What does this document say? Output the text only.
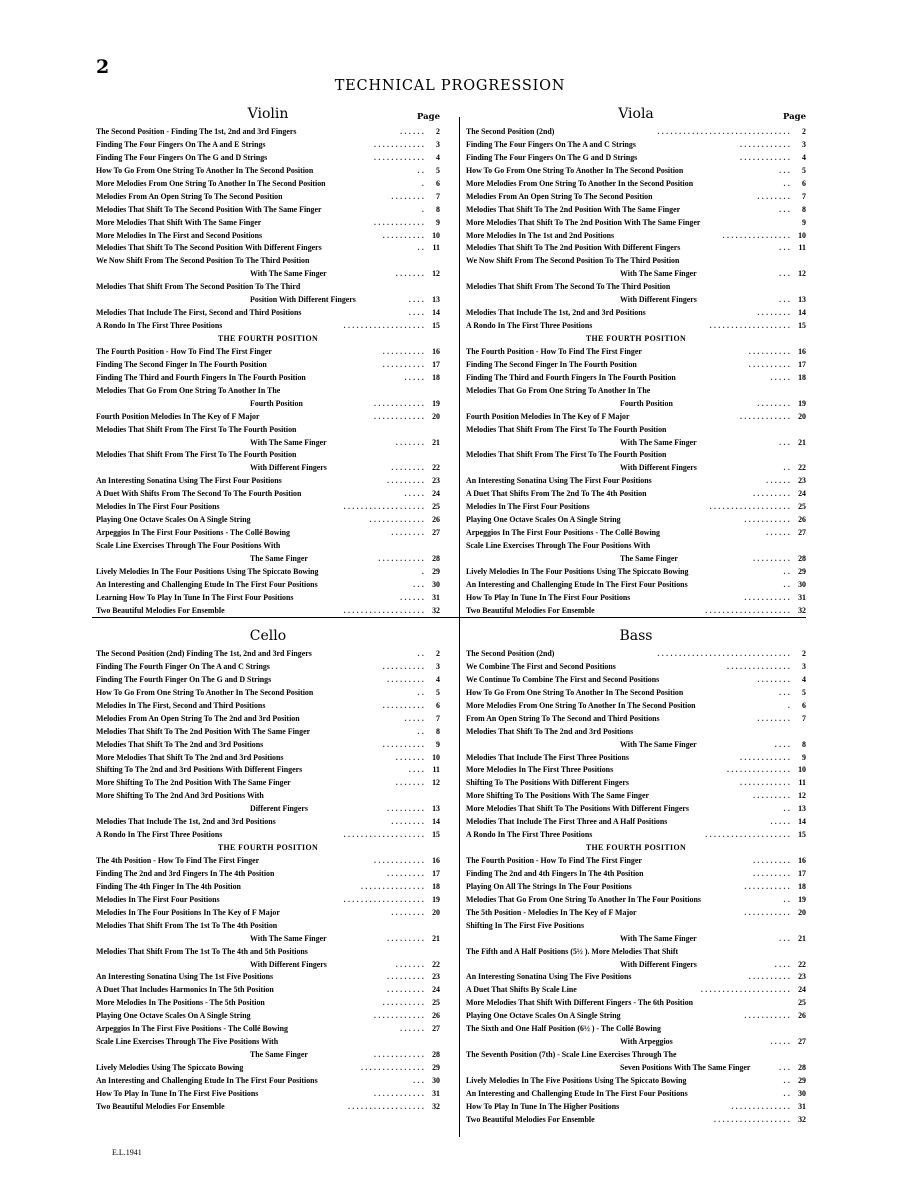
2
TECHNICAL PROGRESSION
Violin	Page
The Second Position - Finding The 1st, 2nd and 3rd Fingers	. . . . . .	2
Finding The Four Fingers On The A and E Strings	. . . . . . . . . . . .	3
Finding The Four Fingers On The G and D Strings	. . . . . . . . . . . .	4
How To Go From One String To Another In The Second Position	. .	5
More Melodies From One String To Another In The Second Position	.	6
Melodies From An Open String To The Second Position	. . . . . . . .	7
Melodies That Shift To The Second Position With The Same Finger	.	8
More Melodies That Shift With The Same Finger	. . . . . . . . . . . .	9
More Melodies In The First and Second Positions	. . . . . . . . . .	10
Melodies That Shift To The Second Position With Different Fingers	. .	11
We Now Shift From The Second Position To The Third Position
With The Same Finger	. . . . . . .	12
Melodies That Shift From The Second Position To The Third
Position With Different Fingers	. . . .	13
Melodies That Include The First, Second and Third Positions	. . . .	14
A Rondo In The First Three Positions	. . . . . . . . . . . . . . . . . . .	15
THE FOURTH POSITION
The Fourth Position - How To Find The First Finger	. . . . . . . . . .	16
Finding The Second Finger In The Fourth Position	. . . . . . . . . .	17
Finding The Third and Fourth Fingers In The Fourth Position	. . . . .	18
Melodies That Go From One String To Another In The
Fourth Position	. . . . . . . . . . . .	19
Fourth Position Melodies In The Key of F Major	. . . . . . . . . . . .	20
Melodies That Shift From The First To The Fourth Position
With The Same Finger	. . . . . . .	21
Melodies That Shift From The First To The Fourth Position
With Different Fingers	. . . . . . . .	22
An Interesting Sonatina Using The First Four Positions	. . . . . . . . .	23
A Duet With Shifts From The Second To The Fourth Position	. . . . .	24
Melodies In The First Four Positions	. . . . . . . . . . . . . . . . . . .	25
Playing One Octave Scales On A Single String	. . . . . . . . . . . . .	26
Arpeggios In The First Four Positions - The Collé Bowing	. . . . . . . .	27
Scale Line Exercises Through The Four Positions With
The Same Finger	. . . . . . . . . . .	28
Lively Melodies In The Four Positions Using The Spiccato Bowing	.	29
An Interesting and Challenging Etude In The First Four Positions	. . .	30
Learning How To Play In Tune In The First Four Positions	. . . . . .	31
Two Beautiful Melodies For Ensemble	. . . . . . . . . . . . . . . . . . .	32
Viola	Page
The Second Position (2nd)	. . . . . . . . . . . . . . . . . . . . . . . . . . . . . . .	2
Finding The Four Fingers On The A and C Strings	. . . . . . . . . . . .	3
Finding The Four Fingers On The G and D Strings	. . . . . . . . . . . .	4
How To Go From One String To Another In The Second Position	. . .	5
More Melodies From One String To Another In the Second Position	. .	6
Melodies From An Open String To The Second Position	. . . . . . . .	7
Melodies That Shift To The 2nd Position With The Same Finger	. . .	8
More Melodies That Shift To The 2nd Position With The Same Finger	9
More Melodies In The 1st and 2nd Positions	. . . . . . . . . . . . . . . .	10
Melodies That Shift To The 2nd Position With Different Fingers	. . .	11
We Now Shift From The Second Position To The Third Position
With The Same Finger	. . .	12
Melodies That Shift From The Second To The Third Position
With Different Fingers	. . .	13
Melodies That Include The 1st, 2nd and 3rd Positions	. . . . . . . .	14
A Rondo In The First Three Positions	. . . . . . . . . . . . . . . . . . .	15
THE FOURTH POSITION
The Fourth Position - How To Find The First Finger	. . . . . . . . . .	16
Finding The Second Finger In The Fourth Position	. . . . . . . . . .	17
Finding The Third and Fourth Fingers In The Fourth Position	. . . . .	18
Melodies That Go From One String To Another In The
Fourth Position	. . . . . . . .	19
Fourth Position Melodies In The Key of F Major	. . . . . . . . . . . .	20
Melodies That Shift From The First To The Fourth Position
With The Same Finger	. . .	21
Melodies That Shift From The First To The Fourth Position
With Different Fingers	. .	22
An Interesting Sonatina Using The First Four Positions	. . . . . .	23
A Duet That Shifts From The 2nd To The 4th Position	. . . . . . . . .	24
Melodies In The First Four Positions	. . . . . . . . . . . . . . . . . . .	25
Playing One Octave Scales On A Single String	. . . . . . . . . . .	26
Arpeggios In The First Four Positions - The Collé Bowing	. . . . . .	27
Scale Line Exercises Through The Four Positions With
The Same Finger	. . . . . . . . .	28
Lively Melodies In The Four Positions Using The Spiccato Bowing	. .	29
An Interesting and Challenging Etude In The First Four Positions	. .	30
How To Play In Tune In The First Four Positions	. . . . . . . . . . .	31
Two Beautiful Melodies For Ensemble	. . . . . . . . . . . . . . . . . . . .	32
Cello
The Second Position (2nd) Finding The 1st, 2nd and 3rd Fingers	. .	2
Finding The Fourth Finger On The A and C Strings	. . . . . . . . . .	3
Finding The Fourth Finger On The G and D Strings	. . . . . . . . .	4
How To Go From One String To Another In The Second Position	. .	5
Melodies In The First, Second and Third Positions	. . . . . . . . . .	6
Melodies From An Open String To The 2nd and 3rd Position	. . . . .	7
Melodies That Shift To The 2nd Position With The Same Finger	. .	8
Melodies That Shift To The 2nd and 3rd Positions	. . . . . . . . . .	9
More Melodies That Shift To The 2nd and 3rd Positions	. . . . . . .	10
Shifting To The 2nd and 3rd Positions With Different Fingers	. . . .	11
More Shifting To The 2nd Position With The Same Finger	. . . . . . .	12
More Shifting To The 2nd And 3rd Positions With
Different Fingers	. . . . . . . . .	13
Melodies That Include The 1st, 2nd and 3rd Positions	. . . . . . . .	14
A Rondo In The First Three Positions	. . . . . . . . . . . . . . . . . . .	15
THE FOURTH POSITION
The 4th Position - How To Find The First Finger	. . . . . . . . . . . .	16
Finding The 2nd and 3rd Fingers In The 4th Position	. . . . . . . . .	17
Finding The 4th Finger In The 4th Position	. . . . . . . . . . . . . . .	18
Melodies In The First Four Positions	. . . . . . . . . . . . . . . . . . .	19
Melodies In The Four Positions In The Key of F Major	. . . . . . . .	20
Melodies That Shift From The 1st To The 4th Position
With The Same Finger	. . . . . . . . .	21
Melodies That Shift From The 1st To The 4th and 5th Positions
With Different Fingers	. . . . . . .	22
An Interesting Sonatina Using The 1st Five Positions	. . . . . . . . .	23
A Duet That Includes Harmonics In The 5th Position	. . . . . . . . .	24
More Melodies In The Positions - The 5th Position	. . . . . . . . . .	25
Playing One Octave Scales On A Single String	. . . . . . . . . . . .	26
Arpeggios In The First Five Positions - The Collé Bowing	. . . . . .	27
Scale Line Exercises Through The Five Positions With
The Same Finger	. . . . . . . . . . . .	28
Lively Melodies Using The Spiccato Bowing	. . . . . . . . . . . . . . .	29
An Interesting and Challenging Etude In The First Four Positions	. . .	30
How To Play In Tune In The First Five Positions	. . . . . . . . . . . .	31
Two Beautiful Melodies For Ensemble	. . . . . . . . . . . . . . . . . .	32
Bass
The Second Position (2nd)	. . . . . . . . . . . . . . . . . . . . . . . . . . . . . . .	2
We Combine The First and Second Positions	. . . . . . . . . . . . . . .	3
We Continue To Combine The First and Second Positions	. . . . . . . .	4
How To Go From One String To Another In The Second Position	. . .	5
More Melodies From One String To Another In The Second Position	.	6
From An Open String To The Second and Third Positions	. . . . . . . .	7
Melodies That Shift To The 2nd and 3rd Positions
With The Same Finger	. . . .	8
Melodies That Include The First Three Positions	. . . . . . . . . . . .	9
More Melodies In The First Three Positions	. . . . . . . . . . . . . . .	10
Shifting To The Positions With Different Fingers	. . . . . . . . . . . .	11
More Shifting To The Positions With The Same Finger	. . . . . . . . .	12
More Melodies That Shift To The Positions With Different Fingers	. .	13
Melodies That Include The First Three and A Half Positions	. . . . .	14
A Rondo In The First Three Positions	. . . . . . . . . . . . . . . . . . . .	15
THE FOURTH POSITION
The Fourth Position - How To Find The First Finger	. . . . . . . . .	16
Finding The 2nd and 4th Fingers In The 4th Position	. . . . . . . . .	17
Playing On All The Strings In The Four Positions	. . . . . . . . . . .	18
Melodies That Go From One String To Another In The Four Positions	. .	19
The 5th Position - Melodies In The Key of F Major	. . . . . . . . . . .	20
Shifting In The First Five Positions
With The Same Finger	. . .	21
The Fifth and A Half Positions (5½ ). More Melodies That Shift
With Different Fingers	. . . .	22
An Interesting Sonatina Using The Five Positions	. . . . . . . . . .	23
A Duet That Shifts By Scale Line	. . . . . . . . . . . . . . . . . . . . .	24
More Melodies That Shift With Different Fingers - The 6th Position	25
Playing One Octave Scales On A Single String	. . . . . . . . . . .	26
The Sixth and One Half Position (6½ ) - The Collé Bowing
With Arpeggios	. . . . .	27
The Seventh Position (7th) - Scale Line Exercises Through The
Seven Positions With The Same Finger	. . .	28
Lively Melodies In The Five Positions Using The Spiccato Bowing	. .	29
An Interesting and Challenging Etude In The First Four Positions	. .	30
How To Play In Tune In The Higher Positions	. . . . . . . . . . . . . .	31
Two Beautiful Melodies For Ensemble	. . . . . . . . . . . . . . . . . .	32
E.L.1941
